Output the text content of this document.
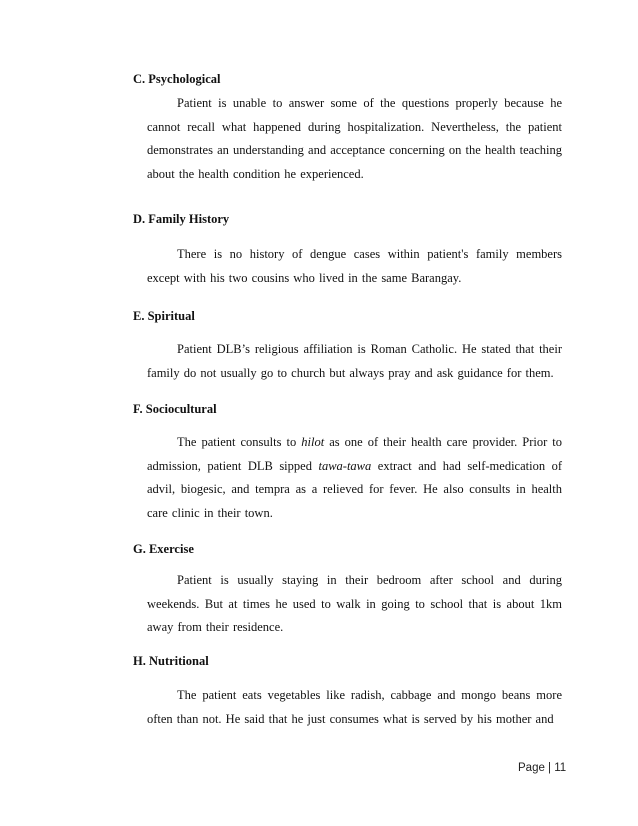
C. Psychological
Patient is unable to answer some of the questions properly because he cannot recall what happened during hospitalization. Nevertheless, the patient demonstrates an understanding and acceptance concerning on the health teaching about the health condition he experienced.
D. Family History
There is no history of dengue cases within patient's family members except with his two cousins who lived in the same Barangay.
E. Spiritual
Patient DLB’s religious affiliation is Roman Catholic. He stated that their family do not usually go to church but always pray and ask guidance for them.
F. Sociocultural
The patient consults to hilot as one of their health care provider. Prior to admission, patient DLB sipped tawa-tawa extract and had self-medication of advil, biogesic, and tempra as a relieved for fever. He also consults in health care clinic in their town.
G. Exercise
Patient is usually staying in their bedroom after school and during weekends. But at times he used to walk in going to school that is about 1km away from their residence.
H. Nutritional
The patient eats vegetables like radish, cabbage and mongo beans more often than not. He said that he just consumes what is served by his mother and
Page | 11
